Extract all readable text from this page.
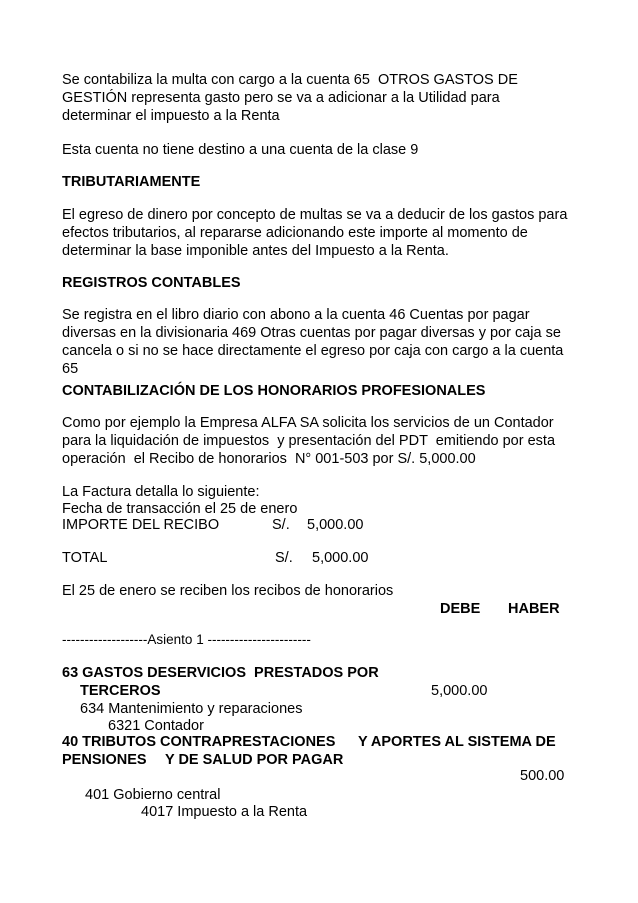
Se contabiliza la multa con cargo a la cuenta 65  OTROS GASTOS DE
GESTIÓN representa gasto pero se va a adicionar a la Utilidad para
determinar el impuesto a la Renta
Esta cuenta no tiene destino a una cuenta de la clase 9
TRIBUTARIAMENTE
El egreso de dinero por concepto de multas se va a deducir de los gastos para
efectos tributarios, al repararse adicionando este importe al momento de
determinar la base imponible antes del Impuesto a la Renta.
REGISTROS CONTABLES
Se registra en el libro diario con abono a la cuenta 46 Cuentas por pagar
diversas en la divisionaria 469 Otras cuentas por pagar diversas y por caja se
cancela o si no se hace directamente el egreso por caja con cargo a la cuenta
65
CONTABILIZACIÓN DE LOS HONORARIOS PROFESIONALES
Como por ejemplo la Empresa ALFA SA solicita los servicios de un Contador
para la liquidación de impuestos  y presentación del PDT  emitiendo por esta
operación  el Recibo de honorarios  N° 001-503 por S/. 5,000.00
La Factura detalla lo siguiente:
Fecha de transacción el 25 de enero
IMPORTE DEL RECIBO	S/. 5,000.00
TOTAL	S/. 5,000.00
El 25 de enero se reciben los recibos de honorarios
DEBE HABER
-------------------Asiento 1 -----------------------
63 GASTOS DESERVICIOS  PRESTADOS POR
TERCEROS	5,000.00
634 Mantenimiento y reparaciones
6321 Contador
40 TRIBUTOS CONTRAPRESTACIONES Y APORTES AL SISTEMA DE
PENSIONES Y DE SALUD POR PAGAR
500.00
401 Gobierno central
4017 Impuesto a la Renta
